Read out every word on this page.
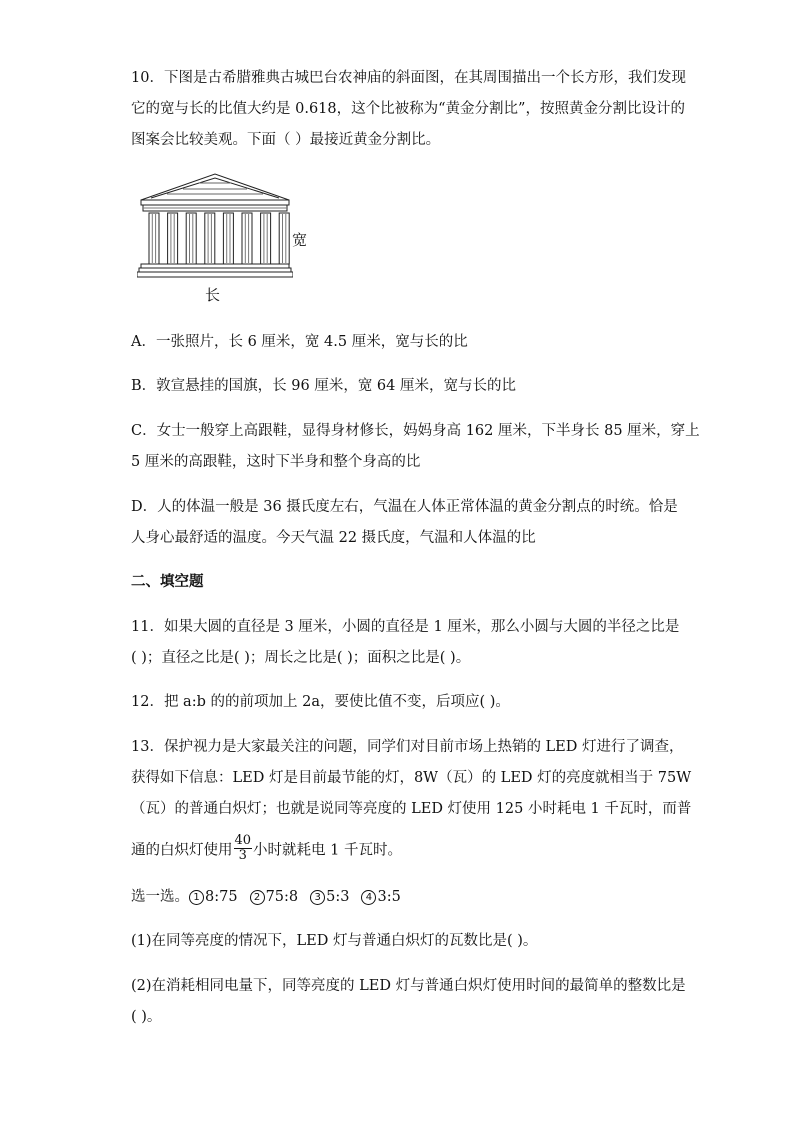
10．下图是古希腊雅典古城巴台农神庙的斜面图，在其周围描出一个长方形，我们发现
它的宽与长的比值大约是 0.618，这个比被称为“黄金分割比”，按照黄金分割比设计的
图案会比较美观。下面（ ）最接近黄金分割比。
宽
长
A．一张照片，长 6 厘米，宽 4.5 厘米，宽与长的比
B．敦宣悬挂的国旗，长 96 厘米，宽 64 厘米，宽与长的比
C．女士一般穿上高跟鞋，显得身材修长，妈妈身高 162 厘米，下半身长 85 厘米，穿上
5 厘米的高跟鞋，这时下半身和整个身高的比
D．人的体温一般是 36 摄氏度左右，气温在人体正常体温的黄金分割点的时统。恰是
人身心最舒适的温度。今天气温 22 摄氏度，气温和人体温的比
二、填空题
11．如果大圆的直径是 3 厘米，小圆的直径是 1 厘米，那么小圆与大圆的半径之比是
( )；直径之比是( )；周长之比是( )；面积之比是( )。
12．把 a:b 的的前项加上 2a，要使比值不变，后项应( )。
13．保护视力是大家最关注的问题，同学们对目前市场上热销的 LED 灯进行了调查，
获得如下信息：LED 灯是目前最节能的灯，8W（瓦）的 LED 灯的亮度就相当于 75W
（瓦）的普通白炽灯；也就是说同等亮度的 LED 灯使用 125 小时耗电 1 千瓦时，而普
通的白炽灯使用 $\frac{40}{3}$ 小时就耗电 1 千瓦时。
选一选。 1 8:75 2 75:8 3 5:3 4 3:5
(1)在同等亮度的情况下，LED 灯与普通白炽灯的瓦数比是( )。
(2)在消耗相同电量下，同等亮度的 LED 灯与普通白炽灯使用时间的最简单的整数比是
( )。
